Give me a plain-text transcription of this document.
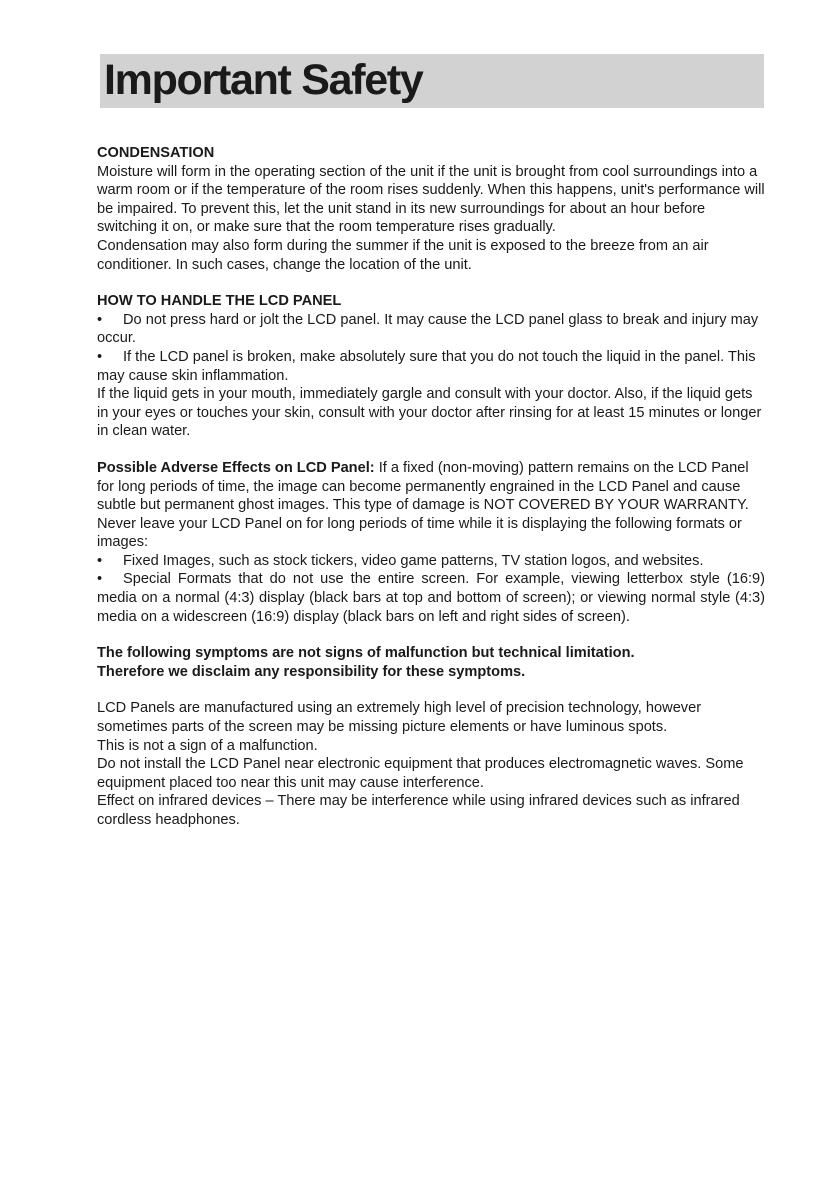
Important Safety

CONDENSATION

Moisture will form in the operating section of the unit if the unit is brought from cool surroundings into a warm room or if the temperature of the room rises suddenly. When this happens, unit's performance will be impaired. To prevent this, let the unit stand in its new surroundings for about an hour before switching it on, or make sure that the room temperature rises gradually.

Condensation may also form during the summer if the unit is exposed to the breeze from an air conditioner. In such cases, change the location of the unit.

HOW TO HANDLE THE LCD PANEL

• Do not press hard or jolt the LCD panel. It may cause the LCD panel glass to break and injury may occur.

• If the LCD panel is broken, make absolutely sure that you do not touch the liquid in the panel. This may cause skin inflammation.

If the liquid gets in your mouth, immediately gargle and consult with your doctor. Also, if the liquid gets in your eyes or touches your skin, consult with your doctor after rinsing for at least 15 minutes or longer in clean water.

Possible Adverse Effects on LCD Panel: If a fixed (non-moving) pattern remains on the LCD Panel for long periods of time, the image can become permanently engrained in the LCD Panel and cause subtle but permanent ghost images. This type of damage is NOT COVERED BY YOUR WARRANTY. Never leave your LCD Panel on for long periods of time while it is displaying the following formats or images:

• Fixed Images, such as stock tickers, video game patterns, TV station logos, and websites.

• Special Formats that do not use the entire screen. For example, viewing letterbox style (16:9) media on a normal (4:3) display (black bars at top and bottom of screen); or viewing normal style (4:3) media on a widescreen (16:9) display (black bars on left and right sides of screen).

The following symptoms are not signs of malfunction but technical limitation.

Therefore we disclaim any responsibility for these symptoms.

LCD Panels are manufactured using an extremely high level of precision technology, however sometimes parts of the screen may be missing picture elements or have luminous spots.

This is not a sign of a malfunction.

Do not install the LCD Panel near electronic equipment that produces electromagnetic waves. Some equipment placed too near this unit may cause interference.

Effect on infrared devices – There may be interference while using infrared devices such as infrared cordless headphones.
